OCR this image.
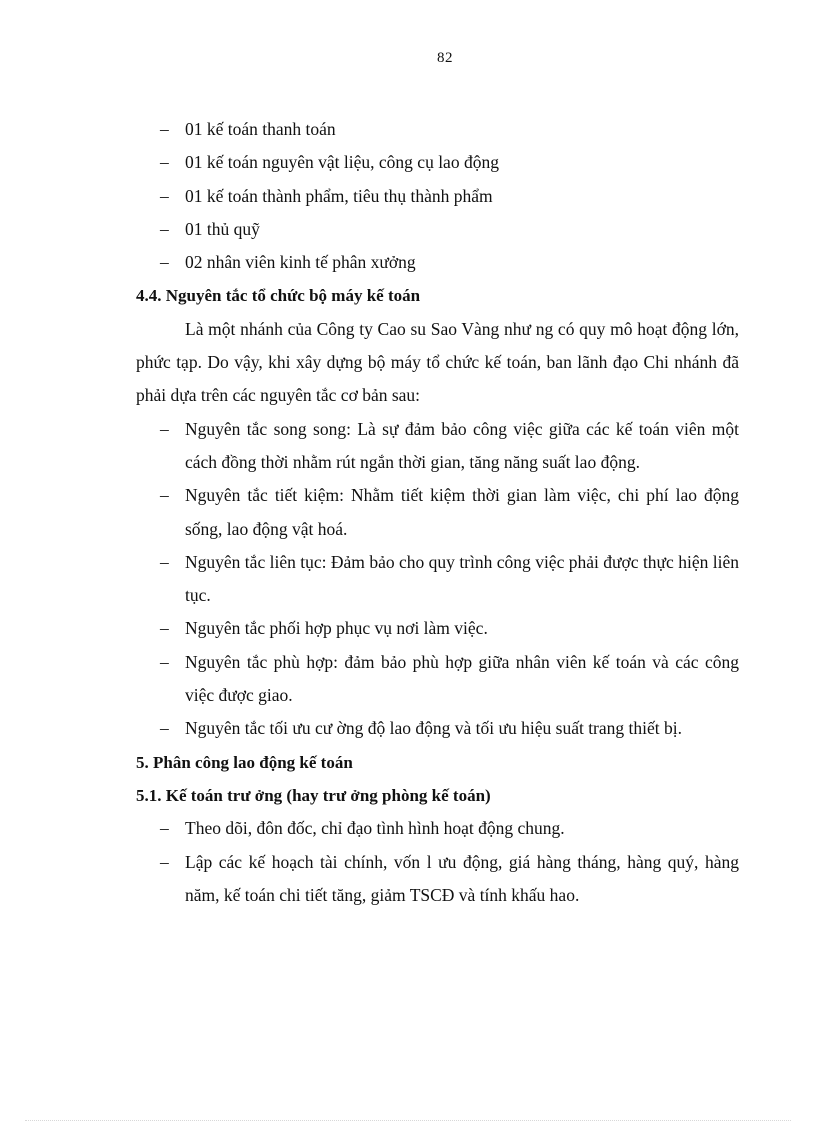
82
– 01 kế toán thanh toán
– 01 kế toán nguyên vật liệu, công cụ lao động
– 01 kế toán thành phẩm, tiêu thụ thành phẩm
– 01 thủ quỹ
– 02 nhân viên kinh tế phân xưởng

4.4. Nguyên tắc tổ chức bộ máy kế toán

Là một nhánh của Công ty Cao su Sao Vàng như ng có quy mô hoạt động lớn, phức tạp. Do vậy, khi xây dựng bộ máy tổ chức kế toán, ban lãnh đạo Chi nhánh đã phải dựa trên các nguyên tắc cơ bản sau:

– Nguyên tắc song song: Là sự đảm bảo công việc giữa các kế toán viên một cách đồng thời nhằm rút ngắn thời gian, tăng năng suất lao động.
– Nguyên tắc tiết kiệm: Nhằm tiết kiệm thời gian làm việc, chi phí lao động sống, lao động vật hoá.
– Nguyên tắc liên tục: Đảm bảo cho quy trình công việc phải được thực hiện liên tục.
– Nguyên tắc phối hợp phục vụ nơi làm việc.
– Nguyên tắc phù hợp: đảm bảo phù hợp giữa nhân viên kế toán và các công việc được giao.
– Nguyên tắc tối ưu cư ờng độ lao động và tối ưu hiệu suất trang thiết bị.

5. Phân công lao động kế toán

5.1. Kế toán trư ởng (hay trư ởng phòng kế toán)

– Theo dõi, đôn đốc, chỉ đạo tình hình hoạt động chung.
– Lập các kế hoạch tài chính, vốn l ưu động, giá hàng tháng, hàng quý, hàng năm, kế toán chi tiết tăng, giảm TSCĐ và tính khấu hao.
